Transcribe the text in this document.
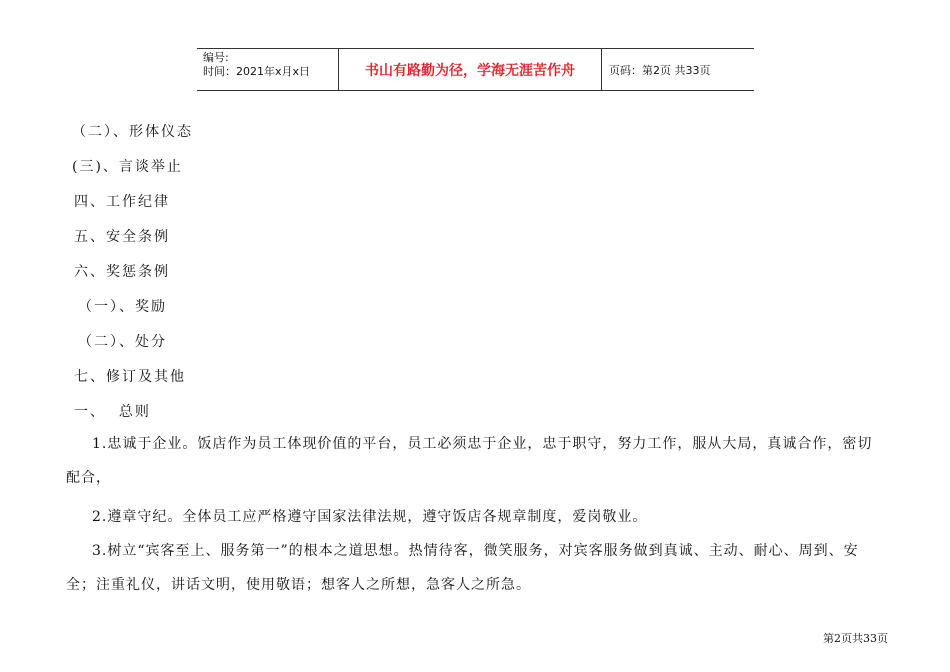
编号:
时间：2021年x月x日	书山有路勤为径，学海无涯苦作舟	页码：第2页 共33页
（二）、形体仪态
(三)、言谈举止
四、工作纪律
五、安全条例
六、奖惩条例
（一）、奖励
（二）、处分
七、修订及其他
一、  总则
1.忠诚于企业。饭店作为员工体现价值的平台，员工必须忠于企业，忠于职守，努力工作，服从大局，真诚合作，密切配合，
2.遵章守纪。全体员工应严格遵守国家法律法规，遵守饭店各规章制度，爱岗敬业。
3.树立“宾客至上、服务第一”的根本之道思想。热情待客，微笑服务，对宾客服务做到真诚、主动、耐心、周到、安全；注重礼仪，讲话文明，使用敬语；想客人之所想，急客人之所急。
第2页共33页
